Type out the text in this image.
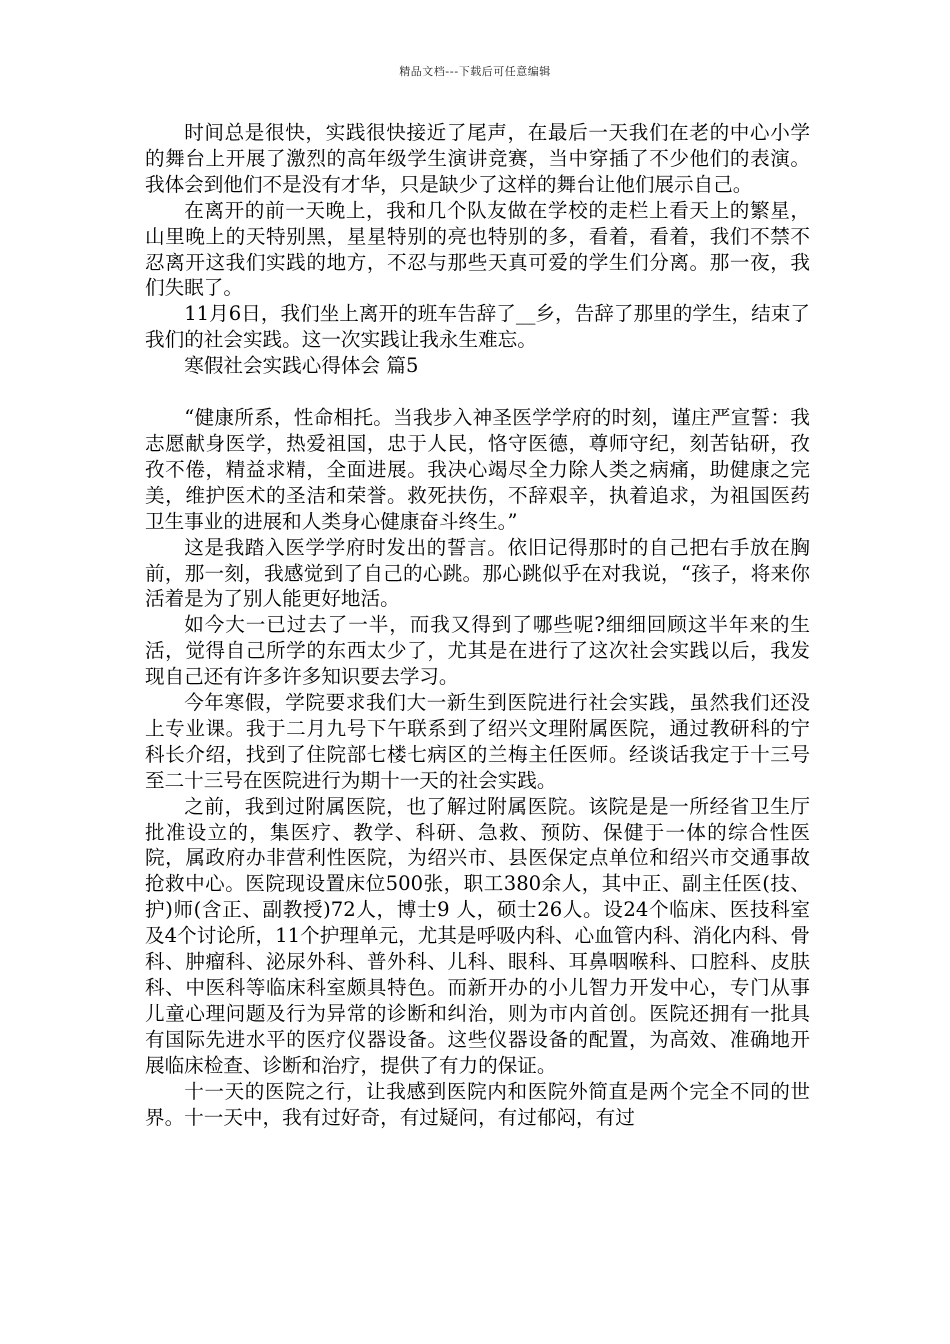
精品文档---下载后可任意编辑

时间总是很快，实践很快接近了尾声，在最后一天我们在老的中心小学的舞台上开展了激烈的高年级学生演讲竞赛，当中穿插了不少他们的表演。我体会到他们不是没有才华，只是缺少了这样的舞台让他们展示自己。

在离开的前一天晚上，我和几个队友做在学校的走栏上看天上的繁星，山里晚上的天特别黑，星星特别的亮也特别的多，看着，看着，我们不禁不忍离开这我们实践的地方，不忍与那些天真可爱的学生们分离。那一夜，我们失眠了。

11月6日，我们坐上离开的班车告辞了__乡，告辞了那里的学生，结束了我们的社会实践。这一次实践让我永生难忘。

寒假社会实践心得体会 篇5

“健康所系，性命相托。当我步入神圣医学学府的时刻，谨庄严宣誓：我志愿献身医学，热爱祖国，忠于人民，恪守医德，尊师守纪，刻苦钻研，孜孜不倦，精益求精，全面进展。我决心竭尽全力除人类之病痛，助健康之完美，维护医术的圣洁和荣誉。救死扶伤，不辞艰辛，执着追求，为祖国医药卫生事业的进展和人类身心健康奋斗终生。”

这是我踏入医学学府时发出的誓言。依旧记得那时的自己把右手放在胸前，那一刻，我感觉到了自己的心跳。那心跳似乎在对我说，“孩子，将来你活着是为了别人能更好地活。

如今大一已过去了一半，而我又得到了哪些呢?细细回顾这半年来的生活，觉得自己所学的东西太少了，尤其是在进行了这次社会实践以后，我发现自己还有许多许多知识要去学习。

今年寒假，学院要求我们大一新生到医院进行社会实践，虽然我们还没上专业课。我于二月九号下午联系到了绍兴文理附属医院，通过教研科的宁科长介绍，找到了住院部七楼七病区的兰梅主任医师。经谈话我定于十三号至二十三号在医院进行为期十一天的社会实践。

之前，我到过附属医院，也了解过附属医院。该院是是一所经省卫生厅批准设立的，集医疗、教学、科研、急救、预防、保健于一体的综合性医院，属政府办非营利性医院，为绍兴市、县医保定点单位和绍兴市交通事故抢救中心。医院现设置床位500张，职工380余人，其中正、副主任医(技、护)师(含正、副教授)72人，博士9 人，硕士26人。设24个临床、医技科室及4个讨论所，11个护理单元，尤其是呼吸内科、心血管内科、消化内科、骨科、肿瘤科、泌尿外科、普外科、儿科、眼科、耳鼻咽喉科、口腔科、皮肤科、中医科等临床科室颇具特色。而新开办的小儿智力开发中心，专门从事儿童心理问题及行为异常的诊断和纠治，则为市内首创。医院还拥有一批具有国际先进水平的医疗仪器设备。这些仪器设备的配置，为高效、准确地开展临床检查、诊断和治疗，提供了有力的保证。

十一天的医院之行，让我感到医院内和医院外简直是两个完全不同的世界。十一天中，我有过好奇，有过疑问，有过郁闷，有过
